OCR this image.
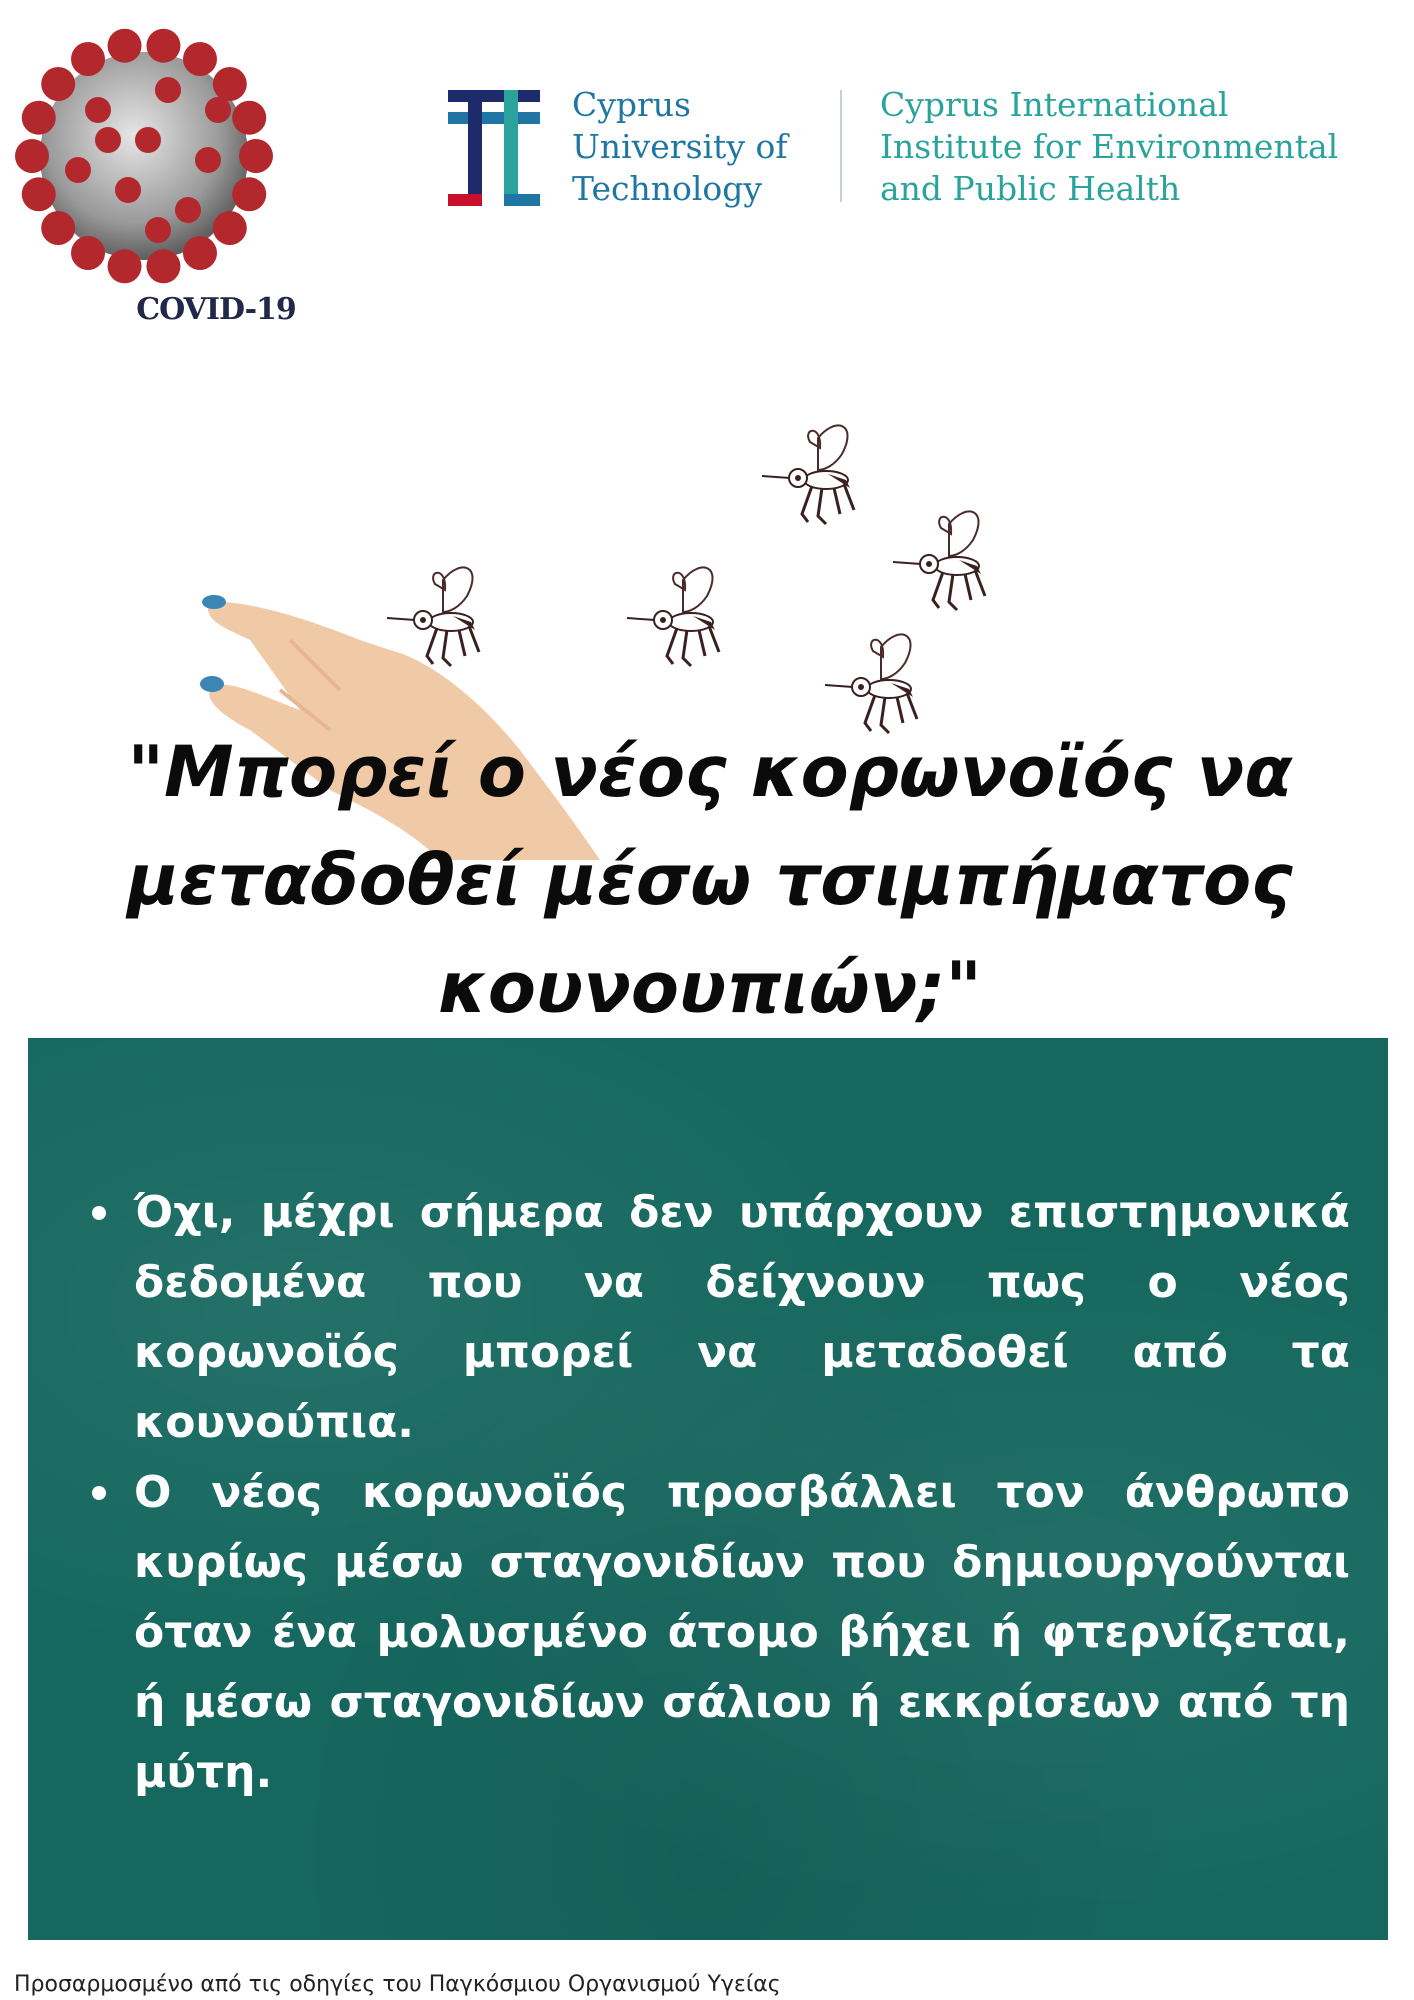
COVID-19
Cyprus
University of
Technology
Cyprus International
Institute for Environmental
and Public Health
"Μπορεί ο νέος κορωνοϊός να
μεταδοθεί μέσω τσιμπήματος
κουνουπιών;"
Όχι, μέχρι σήμερα δεν υπάρχουν επιστημονικά δεδομένα που να δείχνουν πως ο νέος κορωνοϊός μπορεί να μεταδοθεί από τα κουνούπια.
Ο νέος κορωνοϊός προσβάλλει τον άνθρωπο κυρίως μέσω σταγονιδίων που δημιουργούνται όταν ένα μολυσμένο άτομο βήχει ή φτερνίζεται, ή μέσω σταγονιδίων σάλιου ή εκκρίσεων από τη μύτη.
Προσαρμοσμένο από τις οδηγίες του Παγκόσμιου Οργανισμού Υγείας
